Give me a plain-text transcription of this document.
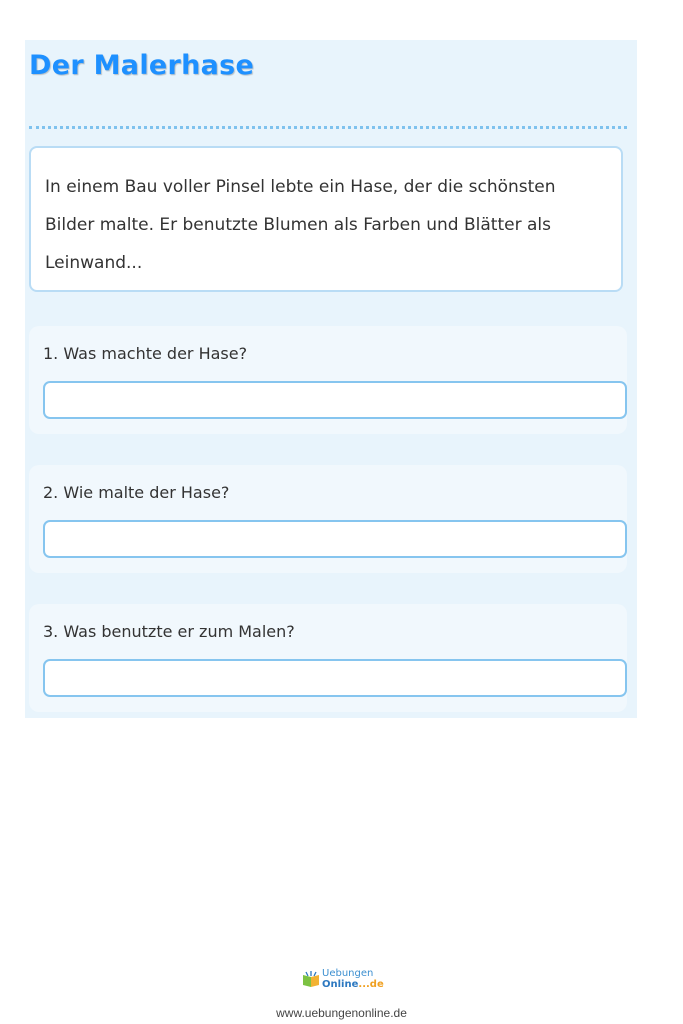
Der Malerhase

In einem Bau voller Pinsel lebte ein Hase, der die schönsten Bilder malte. Er benutzte Blumen als Farben und Blätter als Leinwand...

1. Was machte der Hase?
2. Wie malte der Hase?
3. Was benutzte er zum Malen?
Uebungen
Online...de
www.uebungenonline.de
